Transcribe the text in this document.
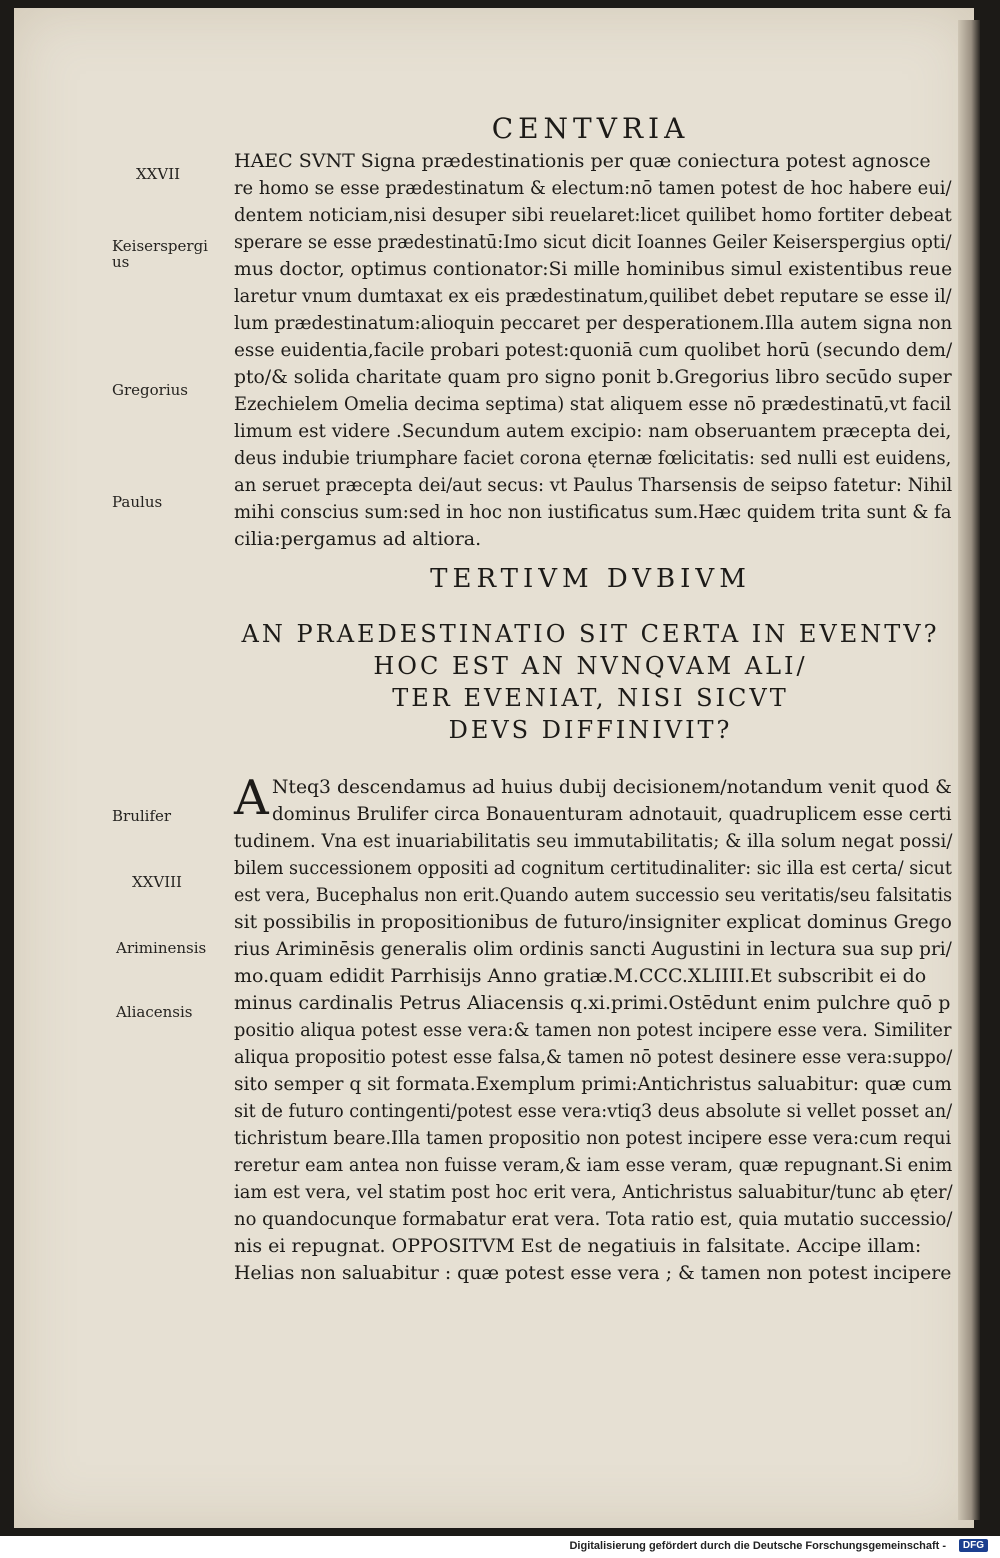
CENTVRIA
XXVII
Keiserspergi
us
Gregorius
Paulus
Brulifer
XXVIII
Ariminensis
Aliacensis
HAEC SVNT Signa prædestinationis per quæ coniectura potest agnosce
re homo se esse prædestinatum & electum:nō tamen potest de hoc habere eui/
dentem noticiam,nisi desuper sibi reuelaret:licet quilibet homo fortiter debeat
sperare se esse prædestinatū:Imo sicut dicit Ioannes Geiler Keiserspergius opti/
mus doctor, optimus contionator:Si mille hominibus simul existentibus reue
laretur vnum dumtaxat ex eis prædestinatum,quilibet debet reputare se esse il/
lum prædestinatum:alioquin peccaret per desperationem.Illa autem signa non
esse euidentia,facile probari potest:quoniā cum quolibet horū (secundo dem/
pto/& solida charitate quam pro signo ponit b.Gregorius libro secūdo super
Ezechielem Omelia decima septima) stat aliquem esse nō prædestinatū,vt facil
limum est videre .Secundum autem excipio: nam obseruantem præcepta dei,
deus indubie triumphare faciet corona ęternæ fœlicitatis: sed nulli est euidens,
an seruet præcepta dei/aut secus: vt Paulus Tharsensis de seipso fatetur: Nihil
mihi conscius sum:sed in hoc non iustificatus sum.Hæc quidem trita sunt & fa
cilia:pergamus ad altiora.
TERTIVM DVBIVM
AN PRAEDESTINATIO SIT CERTA IN EVENTV?
HOC EST AN NVNQVAM ALI/
TER EVENIAT, NISI SICVT
DEVS DIFFINIVIT?
A Nteq3 descendamus ad huius dubij decisionem/notandum venit quod &
dominus Brulifer circa Bonauenturam adnotauit, quadruplicem esse certi
tudinem. Vna est inuariabilitatis seu immutabilitatis; & illa solum negat possi/
bilem successionem oppositi ad cognitum certitudinaliter: sic illa est certa/ sicut
est vera, Bucephalus non erit.Quando autem successio seu veritatis/seu falsitatis
sit possibilis in propositionibus de futuro/insigniter explicat dominus Grego
rius Ariminēsis generalis olim ordinis sancti Augustini in lectura sua sup pri/
mo.quam edidit Parrhisijs Anno gratiæ.M.CCC.XLIIII.Et subscribit ei do
minus cardinalis Petrus Aliacensis q.xi.primi.Ostēdunt enim pulchre quō p
positio aliqua potest esse vera:& tamen non potest incipere esse vera. Similiter
aliqua propositio potest esse falsa,& tamen nō potest desinere esse vera:suppo/
sito semper q sit formata.Exemplum primi:Antichristus saluabitur: quæ cum
sit de futuro contingenti/potest esse vera:vtiq3 deus absolute si vellet posset an/
tichristum beare.Illa tamen propositio non potest incipere esse vera:cum requi
reretur eam antea non fuisse veram,& iam esse veram, quæ repugnant.Si enim
iam est vera, vel statim post hoc erit vera, Antichristus saluabitur/tunc ab ęter/
no quandocunque formabatur erat vera. Tota ratio est, quia mutatio successio/
nis ei repugnat. OPPOSITVM Est de negatiuis in falsitate. Accipe illam:
Helias non saluabitur : quæ potest esse vera ; & tamen non potest incipere
Digitalisierung gefördert durch die Deutsche Forschungsgemeinschaft -	DFG
